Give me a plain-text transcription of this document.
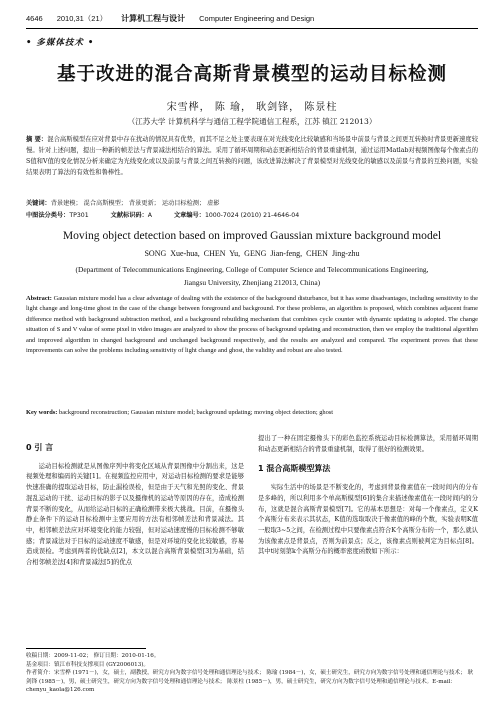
4646 2010,31（21） 计算机工程与设计 Computer Engineering and Design
• 多媒体技术 •
基于改进的混合高斯背景模型的运动目标检测
宋雪桦， 陈 瑜， 耿剑锋， 陈景柱
（江苏大学 计算机科学与通信工程学院通信工程系，江苏 镇江 212013）
摘 要：混合高斯模型在应对背景中存在扰动的情况具有优势，而其不足之处主要表现在对光线变化比较敏感和当场景中前景与背景之间更互转换时背景更新速度较慢。针对上述问题，提出一种新的帧差法与背景减法相结合的算法。采用了循环周期和动态更新相结合的背景重建机制，通过运用Matlab对视频图像每个像素点的S值和V值的变化情况分析来确定为光线变化或以及前景与背景之间互转换的问题，该改进算法解决了背景模型对光线变化的敏感以及前景与背景的互换问题，实验结果表明了算法的有效性和鲁棒性。
关键词：背景建模； 混合高斯模型； 背景更新； 运动目标检测； 虚影
中图法分类号：TP301	文献标识码：A	文章编号：1000-7024 (2010) 21-4646-04
Moving object detection based on improved Gaussian mixture background model
SONG Xue-hua, CHEN Yu, GENG Jian-feng, CHEN Jing-zhu
(Department of Telecommunications Engineering, College of Computer Science and Telecommunications Engineering,
Jiangsu University, Zhenjiang 212013, China)
Abstract: Gaussian mixture model has a clear advantage of dealing with the existence of the background disturbance, but it has some disadvantages, including sensitivity to the light change and long-time ghost in the case of the change between foreground and background. For these problems, an algorithm is proposed, which combines adjacent frame difference method with background subtraction method, and a background rebuilding mechanism that combines cycle counter with dynamic updating is adopted. The change situation of S and V value of some pixel in video images are analyzed to show the process of background updating and reconstruction, then we employ the traditional algorithm and improved algorithm in changed background and unchanged background respectively, and the results are analyzed and compared. The experiment proves that these improvements can solve the problems including sensitivity of light change and ghost, the validity and robust are also tested.
Key words: background reconstruction; Gaussian mixture model; background updating; moving object detection; ghost
0 引 言

运动目标检测就是从图像序列中将变化区域从背景图像中分割出来，这是视频处理和编码的关键[1]。在视频监控应用中，对运动目标检测的要求是能够快速准确的提取运动目标，防止漏检误检，但是由于天气和光照的变化、背景混乱运动的干扰、运动目标的影子以及摄像机的运动等原因的存在，造成检测背景不断的变化，从而给运动目标的正确检测带来极大挑战。目前，在摄像头静止条件下的运动目标检测中主要应用的方法有相邻帧差法和背景减法。其中，相邻帧差法应对环境变化的能力较强，但对运动速度慢的目标检测不够敏感；背景减法对于目标的运动速度不敏感，但是对环境的变化比较敏感，容易造成误检。考虑到两者的优缺点[2]，本文以混合高斯背景模型[3]为基础，结合相邻帧差法[4]和背景减法[5]的优点

提出了一种在固定摄像头下的彩色监控系统运动目标检测算法，采用循环周期和动态更新相结合的背景重建机制，取得了很好的检测效果。

1 混合高斯模型算法

实际生活中的场景是不断变化的，考虑到背景像素值在一段时间内的分布是多峰的，所以利用多个单高斯模型[6]的集合来描述像素值在一段时间内的分布，这就是混合高斯背景模型[7]。它的基本思想是：对每一个像素点，定义K个高斯分布来表示其状态，K值的选取取决于像素值的峰的个数，实验表明K值一般取3~5之间，在检测过程中只要像素点符合K个高斯分布的一个，那么就认为该像素点是背景点，否则为前景点；反之，该像素点则被判定为目标点[8]。其中t时刻第k个高斯分布的概率密度函数如下所示：

收稿日期：2009-11-02； 修订日期：2010-01-16。
基金项目：镇江市科技支撑项目 (GY2006013)。
作者简介：宋雪桦 (1971－)，女，硕士，副教授，研究方向为数字信号处理和通信理论与技术； 陈瑜 (1984－)，女，硕士研究生，研究方向为数字信号处理和通信理论与技术； 耿剑锋 (1985－)，男，硕士研究生，研究方向为数字信号处理和通信理论与技术； 陈景柱 (1985－)，男，硕士研究生，研究方向为数字信号处理和通信理论与技术。E-mail：chenyu_kaola@126.com
